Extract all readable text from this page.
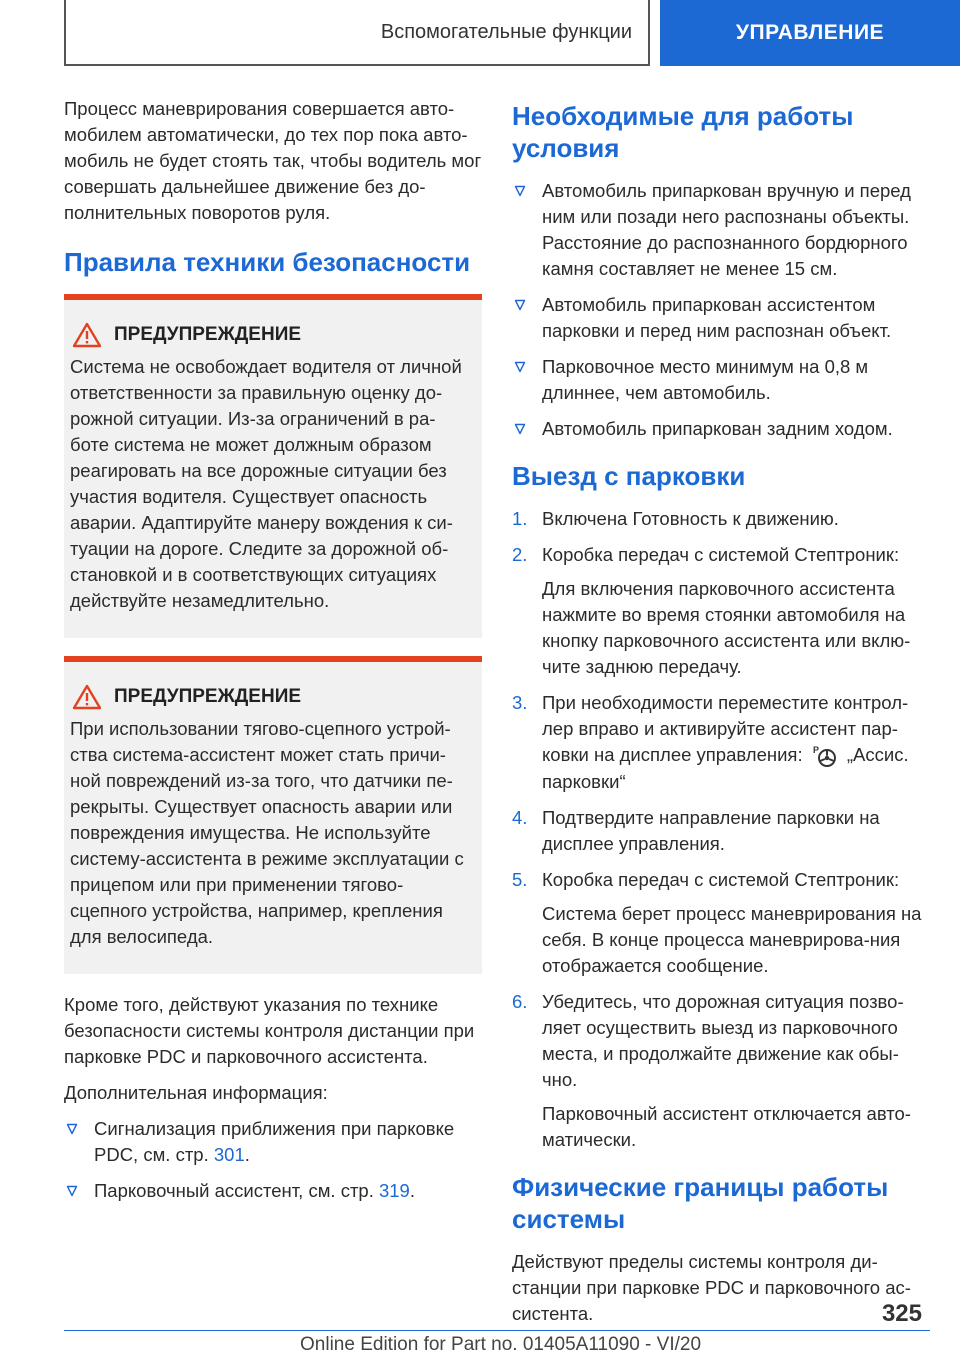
Вспомогательные функции	УПРАВЛЕНИЕ

Процесс маневрирования совершается авто-мобилем автоматически, до тех пор пока авто-мобиль не будет стоять так, чтобы водитель мог совершать дальнейшее движение без до-полнительных поворотов руля.

Правила техники безопасности
ПРЕДУПРЕЖДЕНИЕ
Система не освобождает водителя от личной ответственности за правильную оценку до-рожной ситуации. Из-за ограничений в ра-боте система не может должным образом реагировать на все дорожные ситуации без участия водителя. Существует опасность аварии. Адаптируйте манеру вождения к си-туации на дороге. Следите за дорожной об-становкой и в соответствующих ситуациях действуйте незамедлительно.
ПРЕДУПРЕЖДЕНИЕ
При использовании тягово-сцепного устрой-ства система-ассистент может стать причи-ной повреждений из-за того, что датчики пе-рекрыты. Существует опасность аварии или повреждения имущества. Не используйте систему-ассистента в режиме эксплуатации с прицепом или при применении тягово-сцепного устройства, например, крепления для велосипеда.

Кроме того, действуют указания по технике безопасности системы контроля дистанции при парковке PDC и парковочного ассистента.

Дополнительная информация:

Сигнализация приближения при парковке PDC, см. стр. 301.
Парковочный ассистент, см. стр. 319.
Необходимые для работы условия
Автомобиль припаркован вручную и перед ним или позади него распознаны объекты. Расстояние до распознанного бордюрного камня составляет не менее 15 см.
Автомобиль припаркован ассистентом парковки и перед ним распознан объект.
Парковочное место минимум на 0,8 м длиннее, чем автомобиль.
Автомобиль припаркован задним ходом.
Выезд с парковки
1. Включена Готовность к движению.
2. Коробка передач с системой Стептроник:
Для включения парковочного ассистента нажмите во время стоянки автомобиля на кнопку парковочного ассистента или вклю-чите заднюю передачу.
3. При необходимости переместите контрол-лер вправо и активируйте ассистент пар-ковки на дисплее управления: P „Ассис. парковки“
4. Подтвердите направление парковки на дисплее управления.
5. Коробка передач с системой Стептроник:
Система берет процесс маневрирования на себя. В конце процесса маневрирова-ния отображается сообщение.
6. Убедитесь, что дорожная ситуация позво-ляет осуществить выезд из парковочного места, и продолжайте движение как обы-чно.
Парковочный ассистент отключается авто-матически.
Физические границы работы системы

Действуют пределы системы контроля ди-станции при парковке PDC и парковочного ас-систента.	325
Online Edition for Part no. 01405A11090 - VI/20
